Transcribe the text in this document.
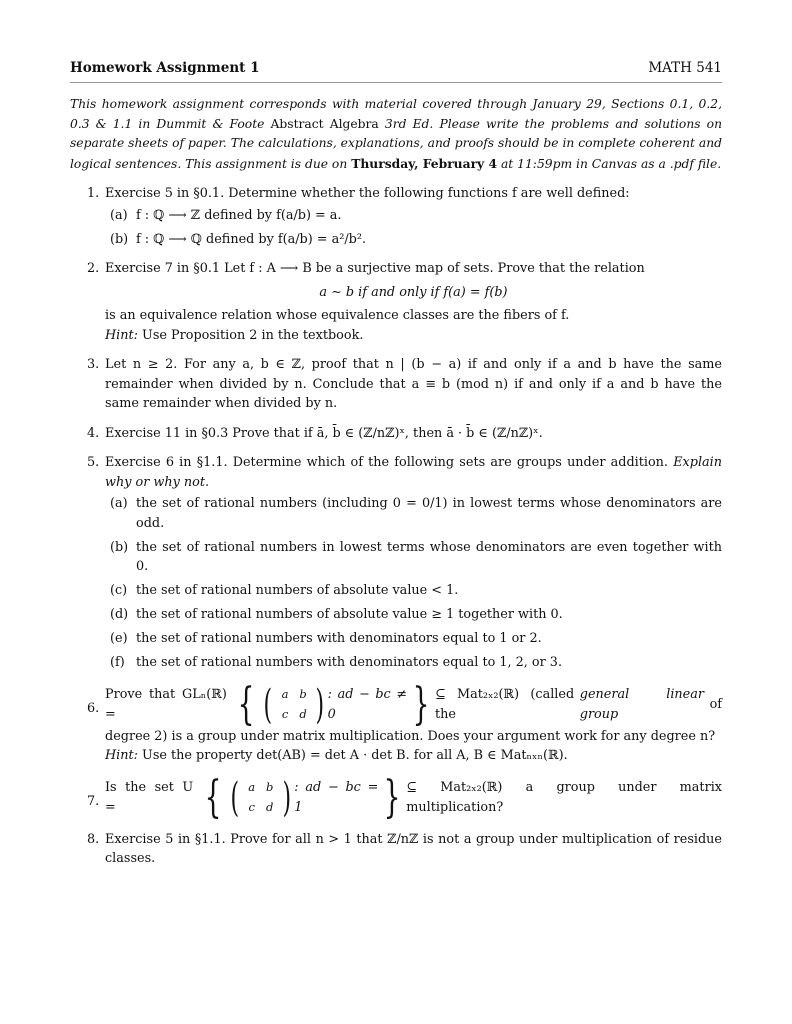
Homework Assignment 1	MATH 541
This homework assignment corresponds with material covered through January 29, Sections 0.1, 0.2, 0.3 & 1.1 in Dummit & Foote Abstract Algebra 3rd Ed. Please write the problems and solutions on separate sheets of paper. The calculations, explanations, and proofs should be in complete coherent and logical sentences. This assignment is due on Thursday, February 4 at 11:59pm in Canvas as a .pdf file.
1. Exercise 5 in §0.1. Determine whether the following functions f are well defined:
(a) f : ℚ ⟶ ℤ defined by f(a/b) = a.
(b) f : ℚ ⟶ ℚ defined by f(a/b) = a²/b².
2. Exercise 7 in §0.1 Let f : A ⟶ B be a surjective map of sets. Prove that the relation
a ∼ b if and only if f(a) = f(b)
is an equivalence relation whose equivalence classes are the fibers of f.
Hint: Use Proposition 2 in the textbook.
3. Let n ≥ 2. For any a, b ∈ ℤ, proof that n | (b − a) if and only if a and b have the same remainder when divided by n. Conclude that a ≡ b (mod n) if and only if a and b have the same remainder when divided by n.
4. Exercise 11 in §0.3 Prove that if ā, b̄ ∈ (ℤ/nℤ)ˣ, then ā · b̄ ∈ (ℤ/nℤ)ˣ.
5. Exercise 6 in §1.1. Determine which of the following sets are groups under addition. Explain why or why not.
(a) the set of rational numbers (including 0 = 0/1) in lowest terms whose denominators are odd.
(b) the set of rational numbers in lowest terms whose denominators are even together with 0.
(c) the set of rational numbers of absolute value < 1.
(d) the set of rational numbers of absolute value ≥ 1 together with 0.
(e) the set of rational numbers with denominators equal to 1 or 2.
(f) the set of rational numbers with denominators equal to 1, 2, or 3.
6.
Prove that GLₙ(ℝ) =	{ ( a b
c d ) : ad − bc ≠ 0	} ⊆ Mat₂ₓ₂(ℝ) (called the
general linear group
of
degree 2) is a group under matrix multiplication. Does your argument work for any degree n?
Hint: Use the property det(AB) = det A · det B. for all A, B ∈ Matₙₓₙ(ℝ).
7.
Is the set U =	{ ( a b
c d ) : ad − bc = 1	} ⊆ Mat₂ₓ₂(ℝ) a group under matrix multiplication?
8. Exercise 5 in §1.1. Prove for all n > 1 that ℤ/nℤ is not a group under multiplication of residue classes.
